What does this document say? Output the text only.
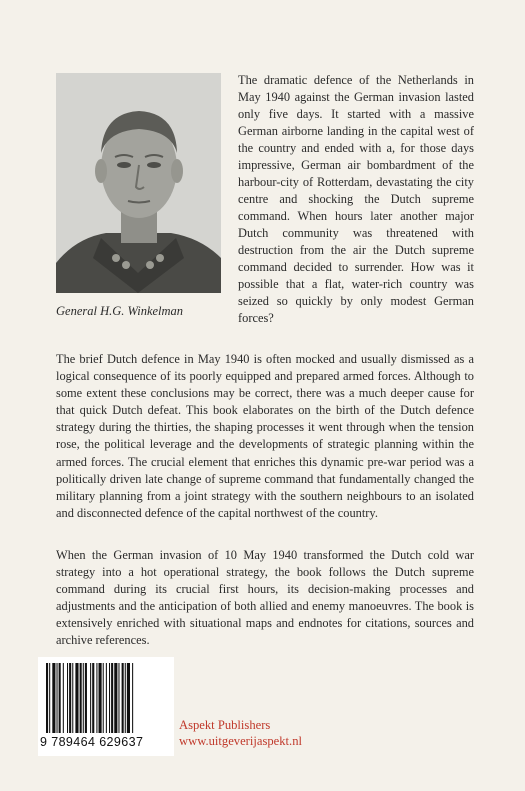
General H.G. Winkelman
The dramatic defence of the Netherlands in May 1940 against the German invasion lasted only five days. It started with a massive German airborne landing in the capital west of the country and ended with a, for those days impressive, German air bombardment of the harbour-city of Rotterdam, devastating the city centre and shocking the Dutch supreme command. When hours later another major Dutch community was threatened with destruction from the air the Dutch supreme command decided to surrender. How was it possible that a flat, water-rich country was seized so quickly by only modest German forces?
The brief Dutch defence in May 1940 is often mocked and usually dismissed as a logical consequence of its poorly equipped and prepared armed forces. Although to some extent these conclusions may be correct, there was a much deeper cause for that quick Dutch defeat. This book elaborates on the birth of the Dutch defence strategy during the thirties, the shaping processes it went through when the tension rose, the political leverage and the developments of strategic planning within the armed forces. The crucial element that enriches this dynamic pre-war period was a politically driven late change of supreme command that fundamentally changed the military planning from a joint strategy with the southern neighbours to an isolated and disconnected defence of the capital northwest of the country.
When the German invasion of 10 May 1940 transformed the Dutch cold war strategy into a hot operational strategy, the book follows the Dutch supreme command during its crucial first hours, its decision-making processes and adjustments and the anticipation of both allied and enemy manoeuvres. The book is extensively enriched with situational maps and endnotes for citations, sources and archive references.
9 789464 629637
Aspekt Publishers
www.uitgeverijaspekt.nl
